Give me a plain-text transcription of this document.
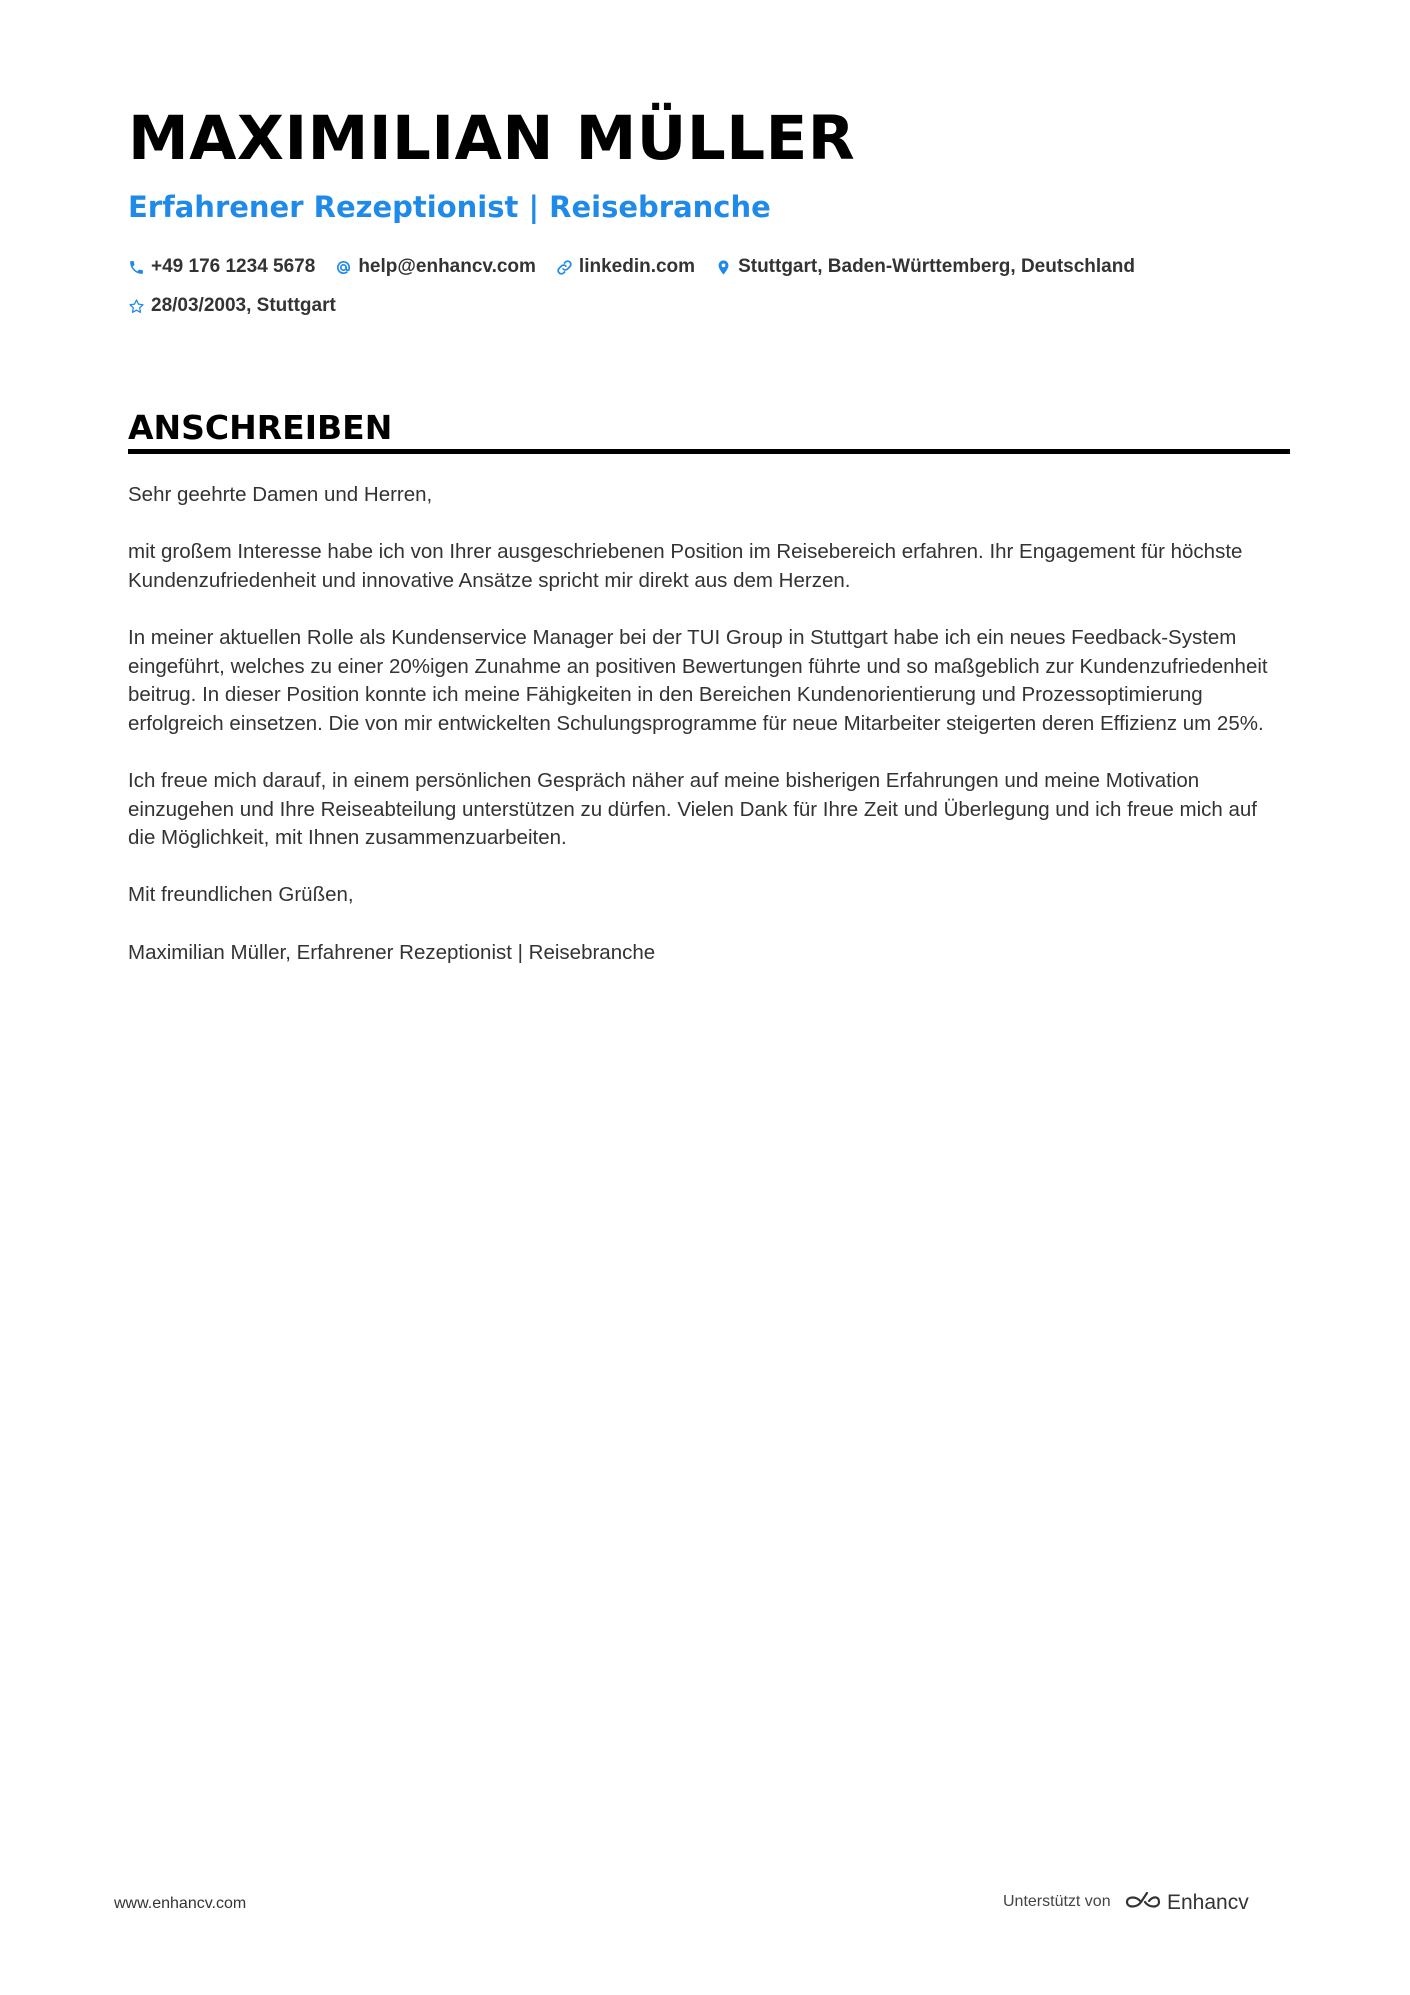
MAXIMILIAN MÜLLER
Erfahrener Rezeptionist | Reisebranche
+49 176 1234 5678 help@enhancv.com linkedin.com Stuttgart, Baden-Württemberg, Deutschland
28/03/2003, Stuttgart
ANSCHREIBEN

Sehr geehrte Damen und Herren,

mit großem Interesse habe ich von Ihrer ausgeschriebenen Position im Reisebereich erfahren. Ihr Engagement für höchste Kundenzufriedenheit und innovative Ansätze spricht mir direkt aus dem Herzen.

In meiner aktuellen Rolle als Kundenservice Manager bei der TUI Group in Stuttgart habe ich ein neues Feedback-System eingeführt, welches zu einer 20%igen Zunahme an positiven Bewertungen führte und so maßgeblich zur Kundenzufriedenheit beitrug. In dieser Position konnte ich meine Fähigkeiten in den Bereichen Kundenorientierung und Prozessoptimierung erfolgreich einsetzen. Die von mir entwickelten Schulungsprogramme für neue Mitarbeiter steigerten deren Effizienz um 25%.

Ich freue mich darauf, in einem persönlichen Gespräch näher auf meine bisherigen Erfahrungen und meine Motivation einzugehen und Ihre Reiseabteilung unterstützen zu dürfen. Vielen Dank für Ihre Zeit und Überlegung und ich freue mich auf die Möglichkeit, mit Ihnen zusammenzuarbeiten.

Mit freundlichen Grüßen,

Maximilian Müller, Erfahrener Rezeptionist | Reisebranche

www.enhancv.com	Unterstützt von	Enhancv
